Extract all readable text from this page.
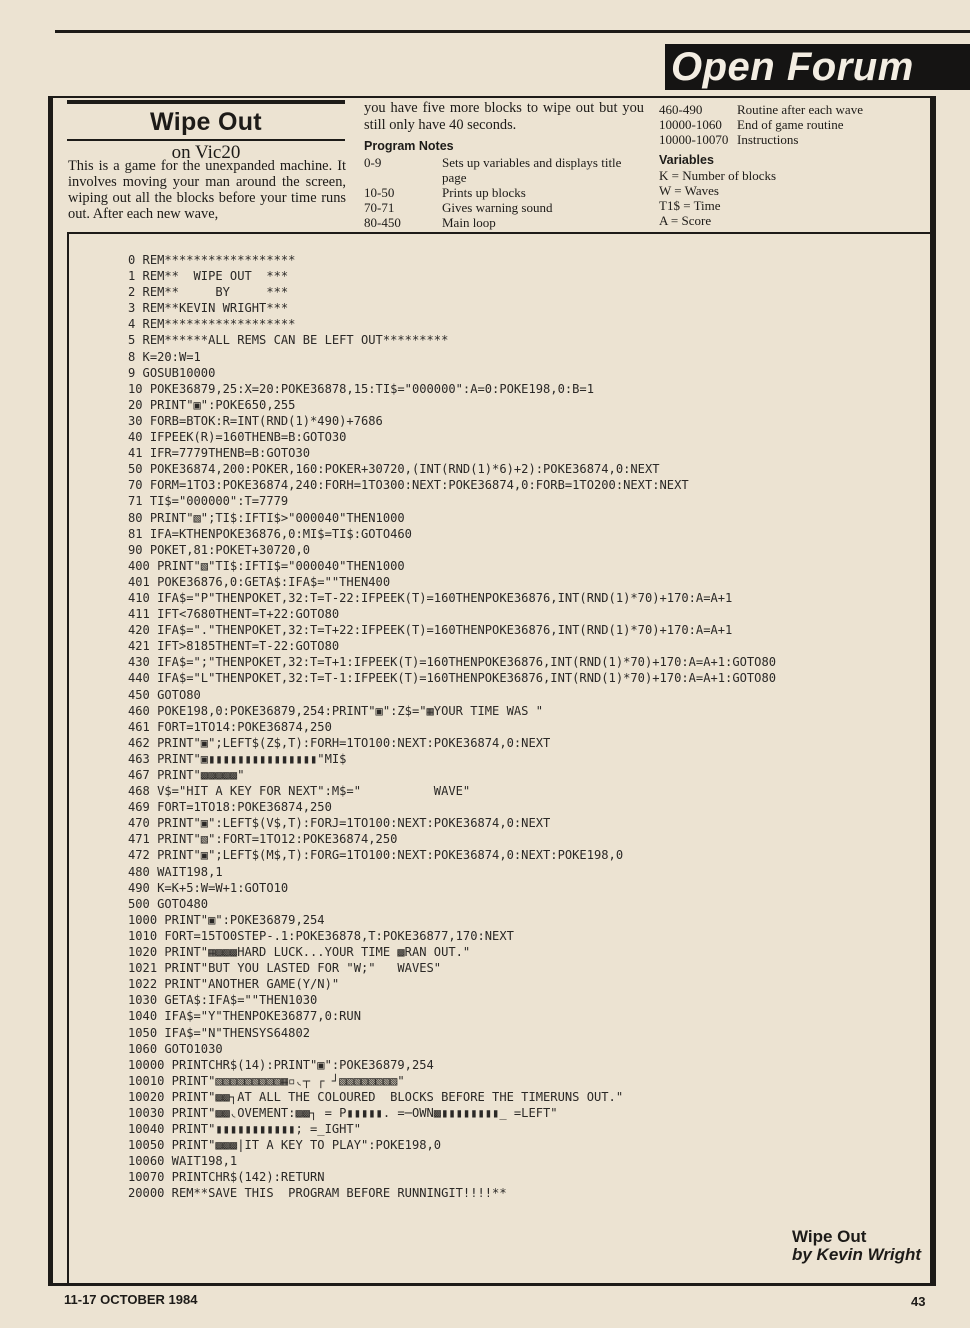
Open Forum
Wipe Out
on Vic20
This is a game for the unexpanded machine. It involves moving your man around the screen, wiping out all the blocks before your time runs out. After each new wave,

you have five more blocks to wipe out but you still only have 40 seconds.

Program Notes
0-9	Sets up variables and displays title page
10-50	Prints up blocks
70-71	Gives warning sound
80-450	Main loop
460-490	Routine after each wave
10000-1060	End of game routine
10000-10070 Instructions
Variables
K = Number of blocks
W = Waves
T1$ = Time
A = Score
0 REM******************
1 REM**  WIPE OUT  ***
2 REM**     BY     ***
3 REM**KEVIN WRIGHT***
4 REM******************
5 REM******ALL REMS CAN BE LEFT OUT*********
8 K=20:W=1
9 GOSUB10000
10 POKE36879,25:X=20:POKE36878,15:TI$="000000":A=0:POKE198,0:B=1
20 PRINT"▣":POKE650,255
30 FORB=BTOK:R=INT(RND(1)*490)+7686
40 IFPEEK(R)=160THENB=B:GOTO30
41 IFR=7779THENB=B:GOTO30
50 POKE36874,200:POKER,160:POKER+30720,(INT(RND(1)*6)+2):POKE36874,0:NEXT
70 FORM=1TO3:POKE36874,240:FORH=1TO300:NEXT:POKE36874,0:FORB=1TO200:NEXT:NEXT
71 TI$="000000":T=7779
80 PRINT"▧";TI$:IFTI$>"000040"THEN1000
81 IFA=KTHENPOKE36876,0:MI$=TI$:GOTO460
90 POKET,81:POKET+30720,0
400 PRINT"▧"TI$:IFTI$="000040"THEN1000
401 POKE36876,0:GETA$:IFA$=""THEN400
410 IFA$="P"THENPOKET,32:T=T-22:IFPEEK(T)=160THENPOKE36876,INT(RND(1)*70)+170:A=A+1
411 IFT<7680THENT=T+22:GOTO80
420 IFA$="."THENPOKET,32:T=T+22:IFPEEK(T)=160THENPOKE36876,INT(RND(1)*70)+170:A=A+1
421 IFT>8185THENT=T-22:GOTO80
430 IFA$=";"THENPOKET,32:T=T+1:IFPEEK(T)=160THENPOKE36876,INT(RND(1)*70)+170:A=A+1:GOTO80
440 IFA$="L"THENPOKET,32:T=T-1:IFPEEK(T)=160THENPOKE36876,INT(RND(1)*70)+170:A=A+1:GOTO80
450 GOTO80
460 POKE198,0:POKE36879,254:PRINT"▣":Z$="▦YOUR TIME WAS "
461 FORT=1TO14:POKE36874,250
462 PRINT"▣";LEFT$(Z$,T):FORH=1TO100:NEXT:POKE36874,0:NEXT
463 PRINT"▣▮▮▮▮▮▮▮▮▮▮▮▮▮▮▮"MI$
467 PRINT"▩▩▩▩▩"
468 V$="HIT A KEY FOR NEXT":M$="          WAVE"
469 FORT=1TO18:POKE36874,250
470 PRINT"▣":LEFT$(V$,T):FORJ=1TO100:NEXT:POKE36874,0:NEXT
471 PRINT"▧":FORT=1TO12:POKE36874,250
472 PRINT"▣";LEFT$(M$,T):FORG=1TO100:NEXT:POKE36874,0:NEXT:POKE198,0
480 WAIT198,1
490 K=K+5:W=W+1:GOTO10
500 GOTO480
1000 PRINT"▣":POKE36879,254
1010 FORT=15TO0STEP-.1:POKE36878,T:POKE36877,170:NEXT
1020 PRINT"▦▩▩▩HARD LUCK...YOUR TIME ▩RAN OUT."
1021 PRINT"BUT YOU LASTED FOR "W;"   WAVES"
1022 PRINT"ANOTHER GAME(Y/N)"
1030 GETA$:IFA$=""THEN1030
1040 IFA$="Y"THENPOKE36877,0:RUN
1050 IFA$="N"THENSYS64802
1060 GOTO1030
10000 PRINTCHR$(14):PRINT"▣":POKE36879,254
10010 PRINT"▧▧▧▧▧▧▧▧▧▦▫◟┬ ┌ ┘▧▧▧▧▧▧▧▧"
10020 PRINT"▩▩┐AT ALL THE COLOURED  BLOCKS BEFORE THE TIMERUNS OUT."
10030 PRINT"▩▩◟OVEMENT:▩▩┐ = P▮▮▮▮▮. =─OWN▩▮▮▮▮▮▮▮▮_ =LEFT"
10040 PRINT"▮▮▮▮▮▮▮▮▮▮▮; =_IGHT"
10050 PRINT"▩▩▩|IT A KEY TO PLAY":POKE198,0
10060 WAIT198,1
10070 PRINTCHR$(142):RETURN
20000 REM**SAVE THIS  PROGRAM BEFORE RUNNINGIT!!!!**
Wipe Out
by Kevin Wright
11-17 OCTOBER 1984	43
